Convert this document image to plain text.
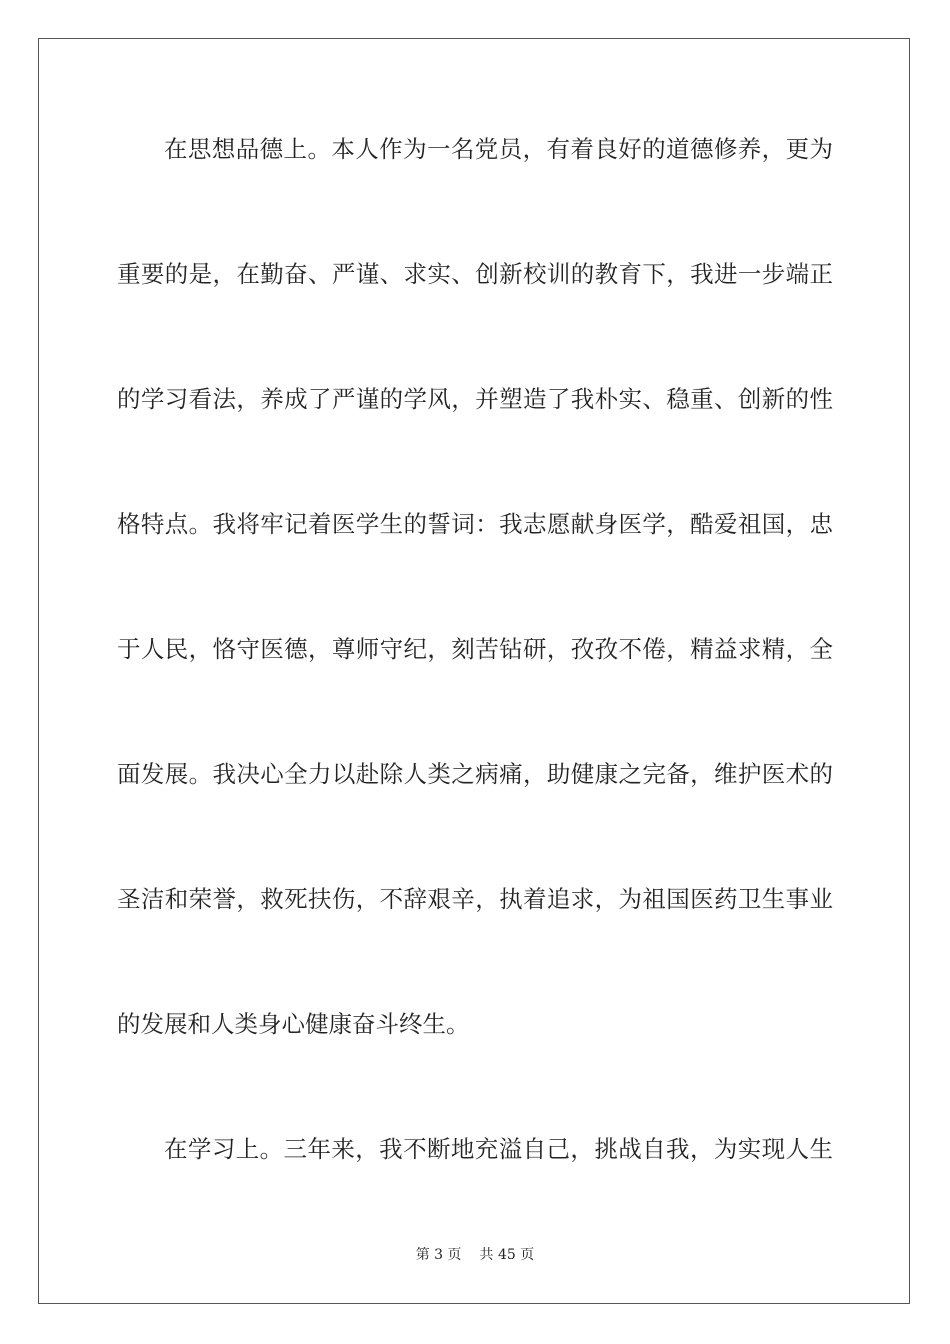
在思想品德上。本人作为一名党员，有着良好的道德修养，更为
重要的是，在勤奋、严谨、求实、创新校训的教育下，我进一步端正
的学习看法，养成了严谨的学风，并塑造了我朴实、稳重、创新的性
格特点。我将牢记着医学生的誓词：我志愿献身医学，酷爱祖国，忠
于人民，恪守医德，尊师守纪，刻苦钻研，孜孜不倦，精益求精，全
面发展。我决心全力以赴除人类之病痛，助健康之完备，维护医术的
圣洁和荣誉，救死扶伤，不辞艰辛，执着追求，为祖国医药卫生事业
的发展和人类身心健康奋斗终生。
在学习上。三年来，我不断地充溢自己，挑战自我，为实现人生
第 3 页 共 45 页
